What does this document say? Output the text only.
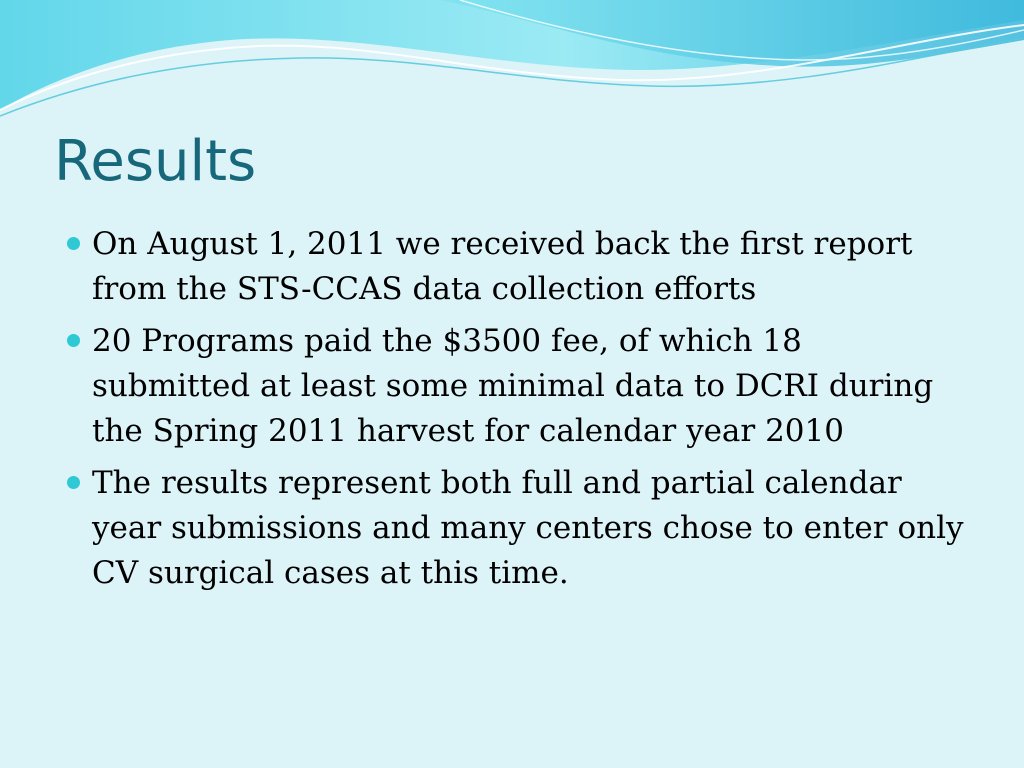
Results
On August 1, 2011 we received back the first report from the STS-CCAS data collection efforts
20 Programs paid the $3500 fee, of which 18 submitted at least some minimal data to DCRI during the Spring 2011 harvest for calendar year 2010
The results represent both full and partial calendar year submissions and many centers chose to enter only CV surgical cases at this time.
